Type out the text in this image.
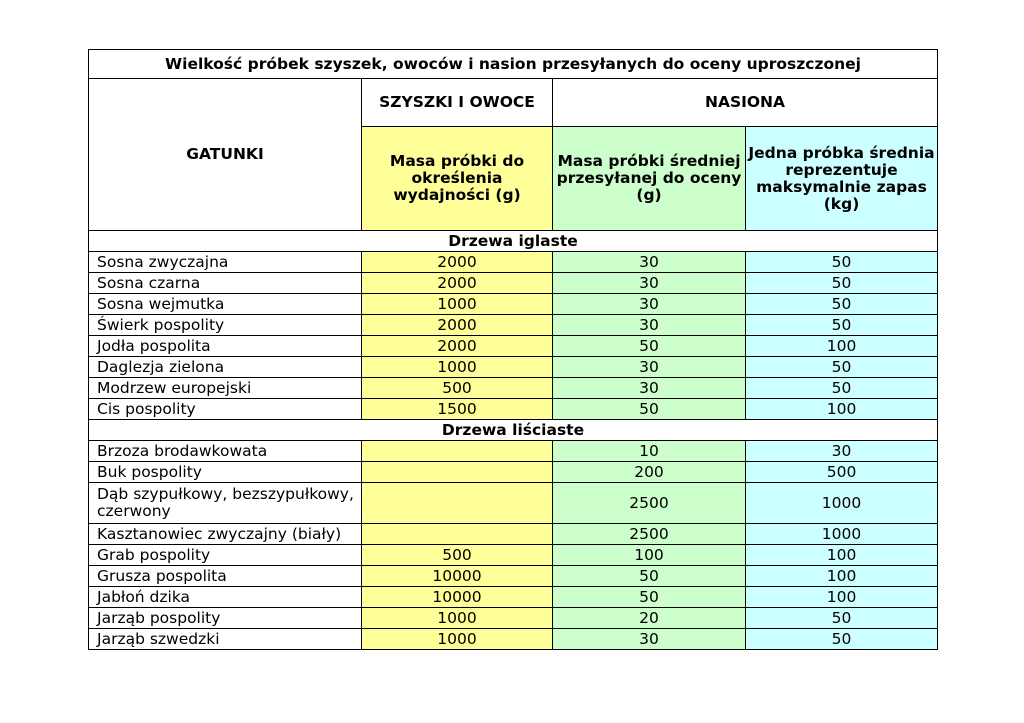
Wielkość próbek szyszek, owoców i nasion przesyłanych do oceny uproszczonej			
GATUNKI	SZYSZKI I OWOCE	NASIONA	
	Masa próbki do określenia wydajności (g)	Masa próbki średniej przesyłanej do oceny (g)	Jedna próbka średnia reprezentuje maksymalnie zapas (kg)
Drzewa iglaste			
Sosna zwyczajna	2000	30	50
Sosna czarna	2000	30	50
Sosna wejmutka	1000	30	50
Świerk pospolity	2000	30	50
Jodła pospolita	2000	50	100
Daglezja zielona	1000	30	50
Modrzew europejski	500	30	50
Cis pospolity	1500	50	100
Drzewa liściaste			
Brzoza brodawkowata		10	30
Buk pospolity		200	500
Dąb szypułkowy, bezszypułkowy, czerwony		2500	1000
Kasztanowiec zwyczajny (biały)		2500	1000
Grab pospolity	500	100	100
Grusza pospolita	10000	50	100
Jabłoń dzika	10000	50	100
Jarząb pospolity	1000	20	50
Jarząb szwedzki	1000	30	50
